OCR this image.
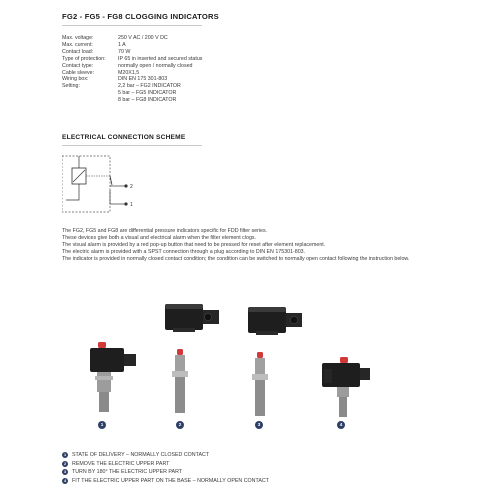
FG2 - FG5 - FG8 CLOGGING INDICATORS
Max. voltage:	250 V AC / 200 V DC
Max. current:	1 A
Contact load:	70 W
Type of protection:	IP 65 in inserted and secured status
Contact type:	normally open / normally closed
Cable sleeve:	M20X1,5
Wiring box:	DIN EN 175 301-803
Setting:	2,2 bar – FG2 INDICATOR
5 bar – FG5 INDICATOR
8 bar – FG8 INDICATOR
ELECTRICAL CONNECTION SCHEME
2
1

The FG2, FG5 and FG8 are differential pressure indicators specific for FDD filter series.

These devices give both a visual and electrical alarm when the filter element clogs.

The visual alarm is provided by a red pop-up button that need to be pressed for reset after element replacement.

The electric alarm is provided with a SPST connection through a plug according to DIN EN 175301-803.

The indicator is provided in normally closed contact condition; the condition can be switched to normally open contact following the instruction below.

1	2	3	4
1	STATE OF DELIVERY – NORMALLY CLOSED CONTACT
2	REMOVE THE ELECTRIC UPPER PART
3	TURN BY 180° THE ELECTRIC UPPER PART
4	FIT THE ELECTRIC UPPER PART ON THE BASE – NORMALLY OPEN CONTACT
